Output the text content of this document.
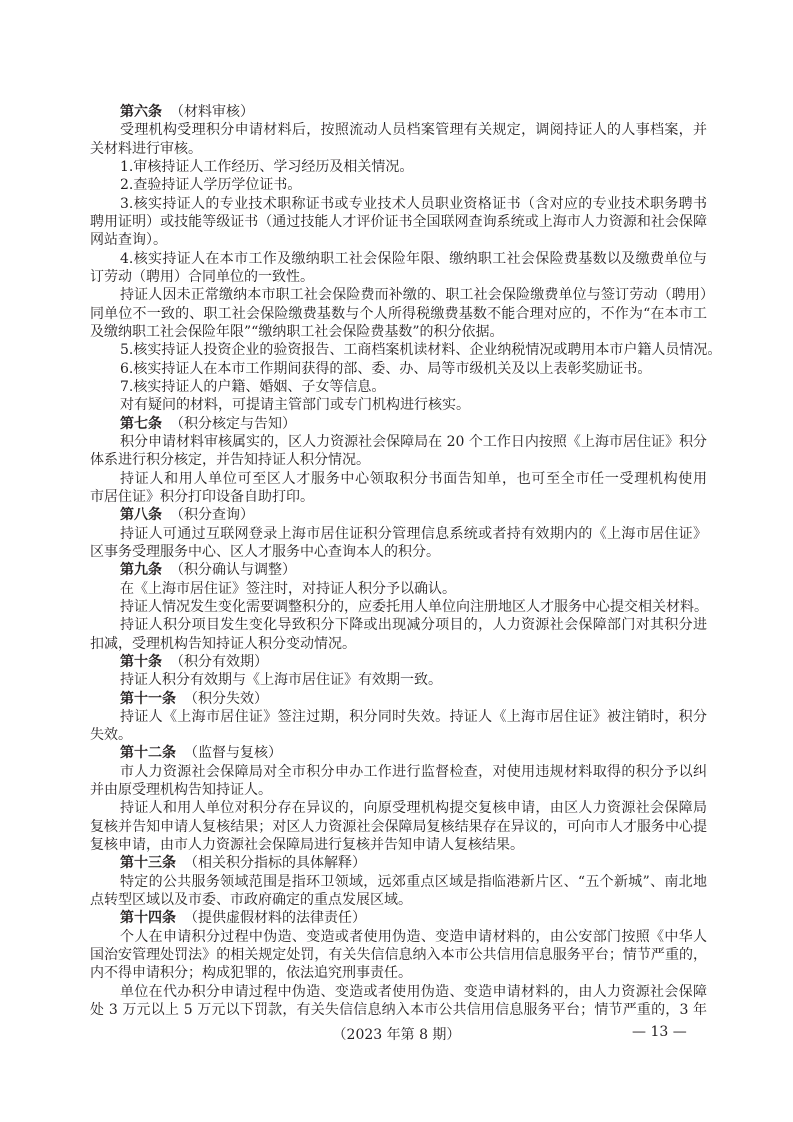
第六条 （材料审核）
受理机构受理积分申请材料后，按照流动人员档案管理有关规定，调阅持证人的人事档案，并
关材料进行审核。
1.审核持证人工作经历、学习经历及相关情况。
2.查验持证人学历学位证书。
3.核实持证人的专业技术职称证书或专业技术人员职业资格证书（含对应的专业技术职务聘书
聘用证明）或技能等级证书（通过技能人才评价证书全国联网查询系统或上海市人力资源和社会保障
网站查询）。
4.核实持证人在本市工作及缴纳职工社会保险年限、缴纳职工社会保险费基数以及缴费单位与
订劳动（聘用）合同单位的一致性。
持证人因未正常缴纳本市职工社会保险费而补缴的、职工社会保险缴费单位与签订劳动（聘用）
同单位不一致的、职工社会保险缴费基数与个人所得税缴费基数不能合理对应的，不作为“在本市工
及缴纳职工社会保险年限”“缴纳职工社会保险费基数”的积分依据。
5.核实持证人投资企业的验资报告、工商档案机读材料、企业纳税情况或聘用本市户籍人员情况。
6.核实持证人在本市工作期间获得的部、委、办、局等市级机关及以上表彰奖励证书。
7.核实持证人的户籍、婚姻、子女等信息。
对有疑问的材料，可提请主管部门或专门机构进行核实。
第七条 （积分核定与告知）
积分申请材料审核属实的，区人力资源社会保障局在 20 个工作日内按照《上海市居住证》积分
体系进行积分核定，并告知持证人积分情况。
持证人和用人单位可至区人才服务中心领取积分书面告知单，也可至全市任一受理机构使用
市居住证》积分打印设备自助打印。
第八条 （积分查询）
持证人可通过互联网登录上海市居住证积分管理信息系统或者持有效期内的《上海市居住证》
区事务受理服务中心、区人才服务中心查询本人的积分。
第九条 （积分确认与调整）
在《上海市居住证》签注时，对持证人积分予以确认。
持证人情况发生变化需要调整积分的，应委托用人单位向注册地区人才服务中心提交相关材料。
持证人积分项目发生变化导致积分下降或出现减分项目的，人力资源社会保障部门对其积分进
扣减，受理机构告知持证人积分变动情况。
第十条 （积分有效期）
持证人积分有效期与《上海市居住证》有效期一致。
第十一条 （积分失效）
持证人《上海市居住证》签注过期，积分同时失效。持证人《上海市居住证》被注销时，积分
失效。
第十二条 （监督与复核）
市人力资源社会保障局对全市积分申办工作进行监督检查，对使用违规材料取得的积分予以纠
并由原受理机构告知持证人。
持证人和用人单位对积分存在异议的，向原受理机构提交复核申请，由区人力资源社会保障局
复核并告知申请人复核结果；对区人力资源社会保障局复核结果存在异议的，可向市人才服务中心提
复核申请，由市人力资源社会保障局进行复核并告知申请人复核结果。
第十三条 （相关积分指标的具体解释）
特定的公共服务领域范围是指环卫领域，远郊重点区域是指临港新片区、“五个新城”、南北地
点转型区域以及市委、市政府确定的重点发展区域。
第十四条 （提供虚假材料的法律责任）
个人在申请积分过程中伪造、变造或者使用伪造、变造申请材料的，由公安部门按照《中华人
国治安管理处罚法》的相关规定处罚，有关失信信息纳入本市公共信用信息服务平台；情节严重的，
内不得申请积分；构成犯罪的，依法追究刑事责任。
单位在代办积分申请过程中伪造、变造或者使用伪造、变造申请材料的，由人力资源社会保障
处 3 万元以上 5 万元以下罚款，有关失信信息纳入本市公共信用信息服务平台；情节严重的，3 年
（2023 年第 8 期）	— 13 —
